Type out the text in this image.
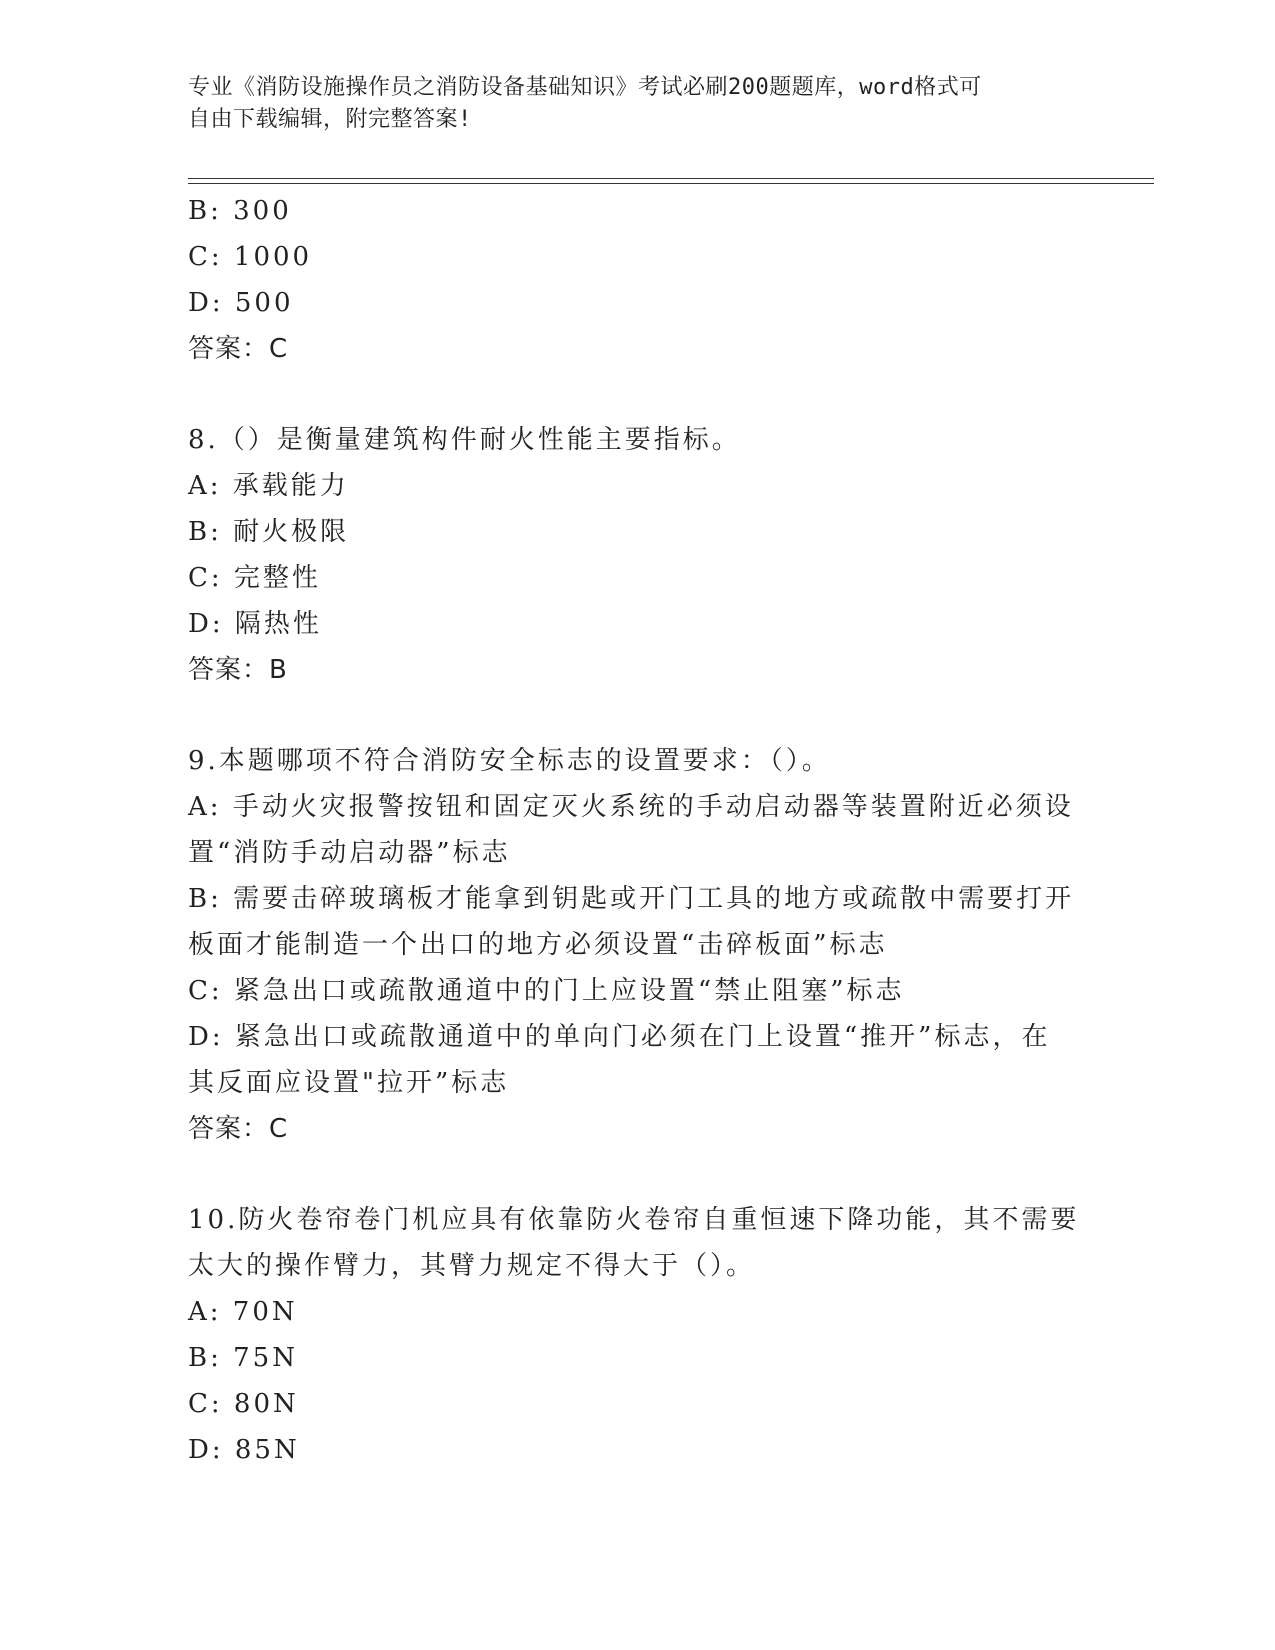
专业《消防设施操作员之消防设备基础知识》考试必刷200题题库，word格式可
自由下载编辑，附完整答案!
B: 300
C: 1000
D: 500
答案：C
8.（）是衡量建筑构件耐火性能主要指标。
A: 承载能力
B: 耐火极限
C: 完整性
D: 隔热性
答案：B
9.本题哪项不符合消防安全标志的设置要求：（）。
A: 手动火灾报警按钮和固定灭火系统的手动启动器等装置附近必须设
置“消防手动启动器”标志
B: 需要击碎玻璃板才能拿到钥匙或开门工具的地方或疏散中需要打开
板面才能制造一个出口的地方必须设置“击碎板面”标志
C: 紧急出口或疏散通道中的门上应设置“禁止阻塞”标志
D: 紧急出口或疏散通道中的单向门必须在门上设置“推开”标志，在
其反面应设置"拉开”标志
答案：C
10.防火卷帘卷门机应具有依靠防火卷帘自重恒速下降功能，其不需要
太大的操作臂力，其臂力规定不得大于（）。
A: 70N
B: 75N
C: 80N
D: 85N
